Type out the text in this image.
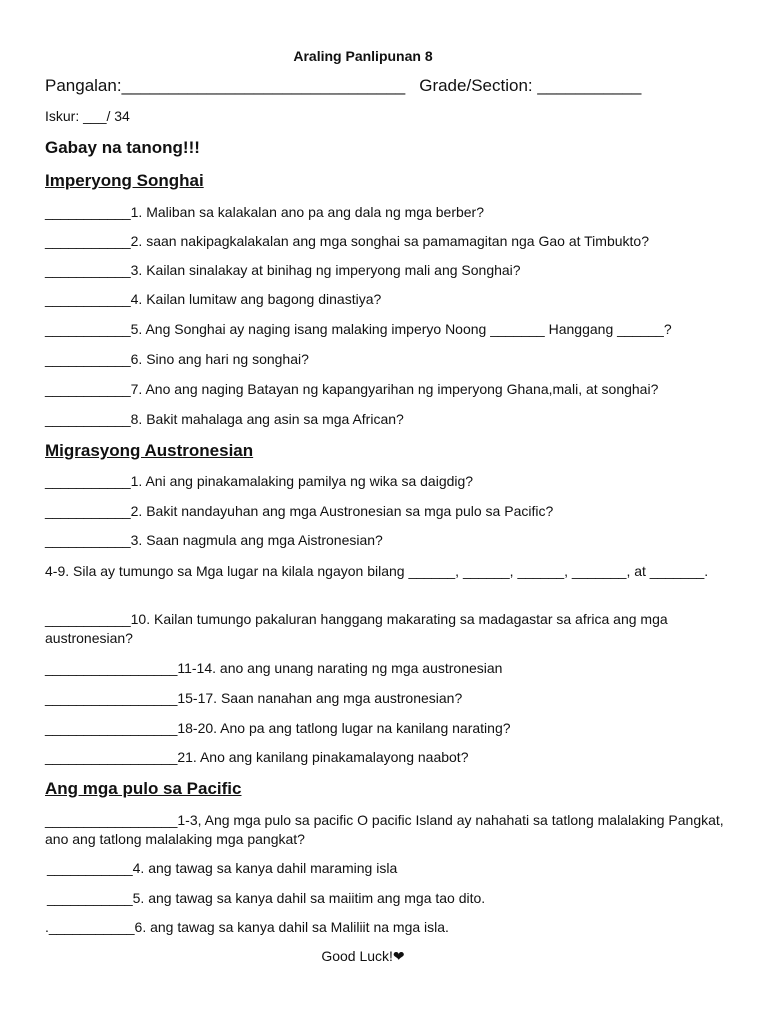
Araling Panlipunan 8
Pangalan:______________________________ Grade/Section: ___________
Iskur: ___/ 34
Gabay na tanong!!!
Imperyong Songhai
___________1. Maliban sa kalakalan ano pa ang dala ng mga berber?
___________2. saan nakipagkalakalan ang mga songhai sa pamamagitan nga Gao at Timbukto?
___________3. Kailan sinalakay at binihag ng imperyong mali ang Songhai?
___________4. Kailan lumitaw ang bagong dinastiya?
___________5. Ang Songhai ay naging isang malaking imperyo Noong _______ Hanggang ______?
___________6. Sino ang hari ng songhai?
___________7. Ano ang naging Batayan ng kapangyarihan ng imperyong Ghana,mali, at songhai?
___________8. Bakit mahalaga ang asin sa mga African?
Migrasyong Austronesian
___________1. Ani ang pinakamalaking pamilya ng wika sa daigdig?
___________2. Bakit nandayuhan ang mga Austronesian sa mga pulo sa Pacific?
___________3. Saan nagmula ang mga Aistronesian?
4-9. Sila ay tumungo sa Mga lugar na kilala ngayon bilang ______, ______, ______, _______, at _______.
___________10. Kailan tumungo pakaluran hanggang makarating sa madagastar sa africa ang mga austronesian?
_________________11-14. ano ang unang narating ng mga austronesian
_________________15-17. Saan nanahan ang mga austronesian?
_________________18-20. Ano pa ang tatlong lugar na kanilang narating?
_________________21. Ano ang kanilang pinakamalayong naabot?
Ang mga pulo sa Pacific
_________________1-3, Ang mga pulo sa pacific O pacific Island ay nahahati sa tatlong malalaking Pangkat, ano ang tatlong malalaking mga pangkat?
___________4. ang tawag sa kanya dahil maraming isla
___________5. ang tawag sa kanya dahil sa maiitim ang mga tao dito.
.___________6. ang tawag sa kanya dahil sa Maliliit na mga isla.
Good Luck!❤
